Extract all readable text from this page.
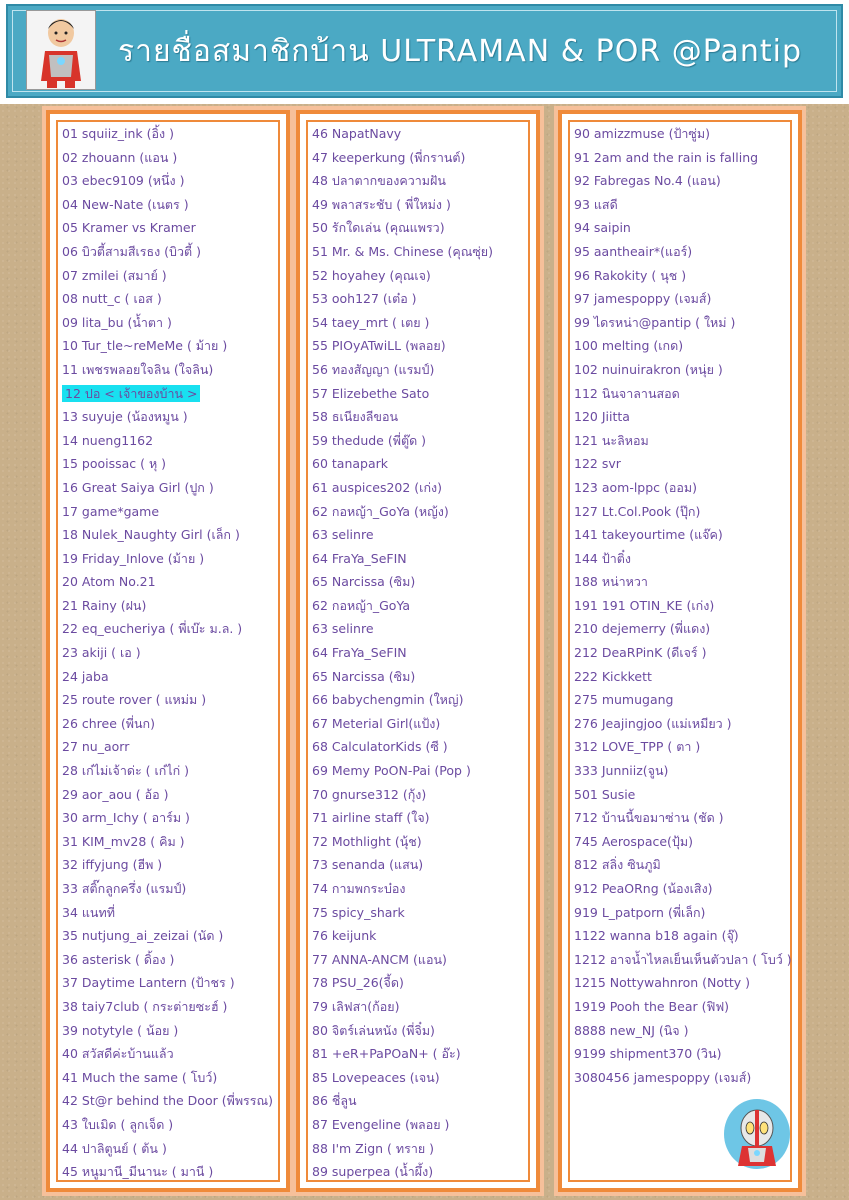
รายชื่อสมาชิกบ้าน ULTRAMAN & POR @Pantip
01 squiiz_ink (อิ้ง )
02 zhouann (แอน )
03 ebec9109 (หนึ่ง )
04 New-Nate (เนตร )
05 Kramer vs Kramer
06 บิวตี้สามสีเรธง (บิวตี้ )
07 zmilei (สมาย์ )
08 nutt_c ( เอส )
09 lita_bu (น้ำตา )
10 Tur_tle~reMeMe ( ม้าย )
11 เพชรพลอยใจลิน (ใจลิน)
12 ปอ < เจ้าของบ้าน >
13 suyuje (น้องหมูน )
14 nueng1162
15 pooissac ( หุ )
16 Great Saiya Girl (ปูก )
17 game*game
18 Nulek_Naughty Girl (เล็ก )
19 Friday_Inlove (ม้าย )
20 Atom No.21
21 Rainy (ฝน)
22 eq_eucheriya ( พี่เบ๊ะ ม.ล. )
23 akiji ( เอ )
24 jaba
25 route rover ( แหม่ม )
26 chree (พี่นก)
27 nu_aorr
28 เก๋ไม่เจ้าด่ะ ( เก๋ไก่ )
29 aor_aou ( อ้อ )
30 arm_Ichy ( อาร์ม )
31 KIM_mv28 ( คิม )
32 iffyjung (ฮีพ )
33 สติ๊กลูกครึ่ง (แรมป์)
34 แนทที่
35 nutjung_ai_zeizai (นัด )
36 asterisk ( ดิ้อง )
37 Daytime Lantern (ป้าชร )
38 taiy7club ( กระต่ายซะฮ์ )
39 notytyle ( น้อย )
40 สวัสดีค่ะบ้านแล้ว
41 Much the same ( โบว์)
42 St@r behind the Door (พี่พรรณ)
43 ใบเมิด ( ลูกเจ็ด )
44 ปาลิตูนย์ ( ต้น )
45 หนูมานี_มีนานะ ( มานี )
46 NapatNavy
47 keeperkung (พี่กรานต์)
48 ปลาตากของความฝัน
49 พลาสระชับ ( พี่ใหม่ง )
50 รักใดเล่น (คุณแพรว)
51 Mr. & Ms. Chinese (คุณซุ่ย)
52 hoyahey (คุณเจ)
53 ooh127 (เต๋อ )
54 taey_mrt ( เตย )
55 PIOyATwiLL (พลอย)
56 ทองสัญญา (แรมป์)
57 Elizebethe Sato
58 ธเนียงลีขอน
59 thedude (พี่ตู๊ด )
60 tanapark
61 auspices202 (เก่ง)
62 กอหญ้า_GoYa (หญ้ง)
63 selinre
64 FraYa_SeFIN
65 Narcissa (ซิม)
62 กอหญ้า_GoYa
63 selinre
64 FraYa_SeFIN
65 Narcissa (ซิม)
66 babychengmin (ใหญ่)
67 Meterial Girl(แป้ง)
68 CalculatorKids (ซี )
69 Memy PoON-Pai (Pop )
70 gnurse312 (กุ้ง)
71 airline staff (ใจ)
72 Mothlight (นุ้ช)
73 senanda (แสน)
74 กามพกระบ๋อง
75 spicy_shark
76 keijunk
77 ANNA-ANCM (แอน)
78 PSU_26(จี้ด)
79 เลิฟสา(ก้อย)
80 จิตร์เล่นหนัง (พี่จิ๋ม)
81 +eR+PaPOaN+ ( อ๊ะ)
85 Lovepeaces (เจน)
86 ชี่ลูน
87 Evengeline (พลอย )
88 I'm Zign ( ทราย )
89 superpea (น้ำผึ้ง)
90 amizzmuse (ป้าซู่ม)
91 2am and the rain is falling
92 Fabregas No.4 (แอน)
93 แสดี
94 saipin
95 aantheair*(แอร์)
96 Rakokity ( นุช )
97 jamespoppy (เจมส์)
99 ไดรหน่า@pantip ( ใหม่ )
100 melting (เกด)
102 nuinuirakron (หนุ่ย )
112 นินจาลานสอด
120 Jiitta
121 นะลิหอม
122 svr
123 aom-lppc (ออม)
127 Lt.Col.Pook (ปุ๊ก)
141 takeyourtime (แจ๊ค)
144 ป้าติ๋ง
188 หน่าหวา
191 191 OTIN_KE (เก่ง)
210 dejemerry (พี่แดง)
212 DeaRPinK (ดีเจร์ )
222 Kickkett
275 mumugang
276 Jeajingjoo (แม่เหมียว )
312 LOVE_TPP ( ตา )
333 Junniiz(จูน)
501 Susie
712 บ้านนี้ขอมาซ่าน (ชัด )
745 Aerospace(ปุ้ม)
812 สลิ่ง ซินภูมิ
912 PeaORng (น้องเสิง)
919 L_patporn (พี่เล็ก)
1122 wanna b18 again (จุ๊)
1212 อาจน้ำไหลเย็นเห็นตัวปลา ( โบว์ )
1215 Nottywahnron (Notty )
1919 Pooh the Bear (ฟิฟ)
8888 new_NJ (นิจ )
9199 shipment370 (วิน)
3080456 jamespoppy (เจมส์)
